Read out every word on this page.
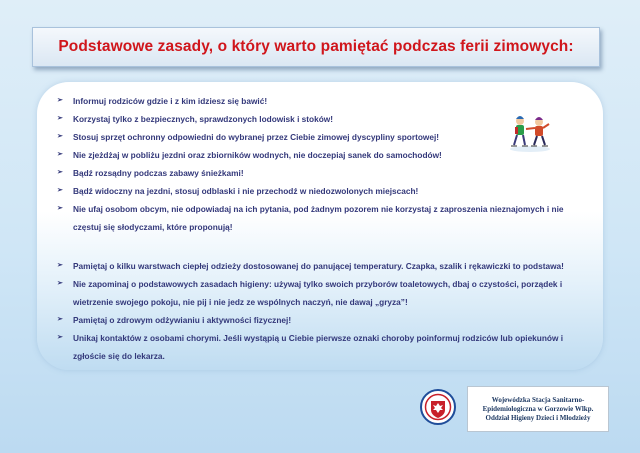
Podstawowe zasady, o który warto pamiętać podczas ferii zimowych:
➢ Informuj rodziców gdzie i z kim idziesz się bawić!
➢ Korzystaj tylko z bezpiecznych, sprawdzonych lodowisk i stoków!
➢ Stosuj sprzęt ochronny odpowiedni do wybranej przez Ciebie zimowej dyscypliny sportowej!
➢ Nie zjeżdżaj w pobliżu jezdni oraz zbiorników wodnych, nie doczepiaj sanek do samochodów!
➢ Bądź rozsądny podczas zabawy śnieżkami!
➢ Bądź widoczny na jezdni, stosuj odblaski i nie przechodź w niedozwolonych miejscach!
➢ Nie ufaj osobom obcym, nie odpowiadaj na ich pytania, pod żadnym pozorem nie korzystaj z zaproszenia nieznajomych i nie częstuj się słodyczami, które proponują!
➢ Pamiętaj o kilku warstwach ciepłej odzieży dostosowanej do panującej temperatury. Czapka, szalik i rękawiczki to podstawa!
➢ Nie zapominaj o podstawowych zasadach higieny: używaj tylko swoich przyborów toaletowych, dbaj o czystości, porządek i wietrzenie swojego pokoju, nie pij i nie jedz ze wspólnych naczyń, nie dawaj „gryza”!
➢ Pamiętaj o zdrowym odżywianiu i aktywności fizycznej!
➢ Unikaj kontaktów z osobami chorymi. Jeśli wystąpią u Ciebie pierwsze oznaki choroby poinformuj rodziców lub opiekunów i zgłoście się do lekarza.
Wojewódzka Stacja Sanitarno-
Epidemiologiczna w Gorzowie Wlkp.
Oddział Higieny Dzieci i Młodzieży
